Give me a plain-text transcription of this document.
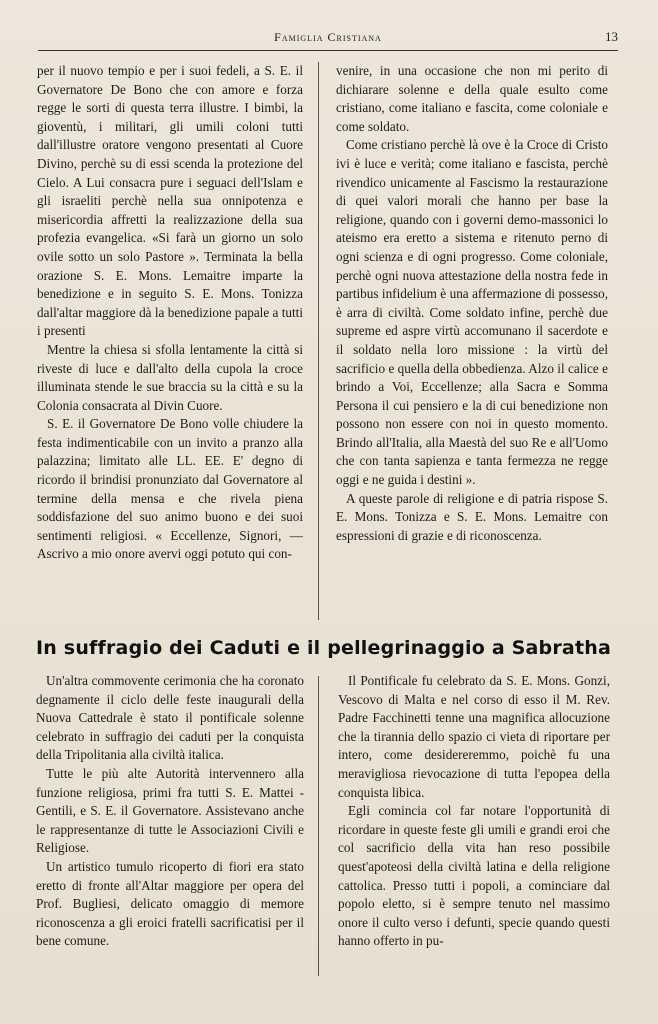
Famiglia Cristiana	13

per il nuovo tempio e per i suoi fedeli, a S. E. il Governatore De Bono che con amore e forza regge le sorti di questa terra illustre. I bimbi, la gioventù, i militari, gli umili coloni tutti dall'illustre oratore vengono presentati al Cuore Divino, perchè su di essi scenda la protezione del Cielo. A Lui consacra pure i seguaci dell'Islam e gli israeliti perchè nella sua onnipotenza e misericordia affretti la realizzazione della sua profezia evangelica. «Si farà un giorno un solo ovile sotto un solo Pastore ». Terminata la bella orazione S. E. Mons. Lemaitre imparte la benedizione e in seguito S. E. Mons. Tonizza dall'altar maggiore dà la benedizione papale a tutti i presenti

Mentre la chiesa si sfolla lentamente la città si riveste di luce e dall'alto della cupola la croce illuminata stende le sue braccia su la città e su la Colonia consacrata al Divin Cuore.

S. E. il Governatore De Bono volle chiudere la festa indimenticabile con un invito a pranzo alla palazzina; limitato alle LL. EE. E' degno di ricordo il brindisi pronunziato dal Governatore al termine della mensa e che rivela piena soddisfazione del suo animo buono e dei suoi sentimenti religiosi. « Eccellenze, Signori, — Ascrivo a mio onore avervi oggi potuto qui con-

venire, in una occasione che non mi perito di dichiarare solenne e della quale esulto come cristiano, come italiano e fascita, come coloniale e come soldato.

Come cristiano perchè là ove è la Croce di Cristo ivi è luce e verità; come italiano e fascista, perchè rivendico unicamente al Fascismo la restaurazione di quei valori morali che hanno per base la religione, quando con i governi demo-massonici lo ateismo era eretto a sistema e ritenuto perno di ogni scienza e di ogni progresso. Come coloniale, perchè ogni nuova attestazione della nostra fede in partibus infidelium è una affermazione di possesso, è arra di civiltà. Come soldato infine, perchè due supreme ed aspre virtù accomunano il sacerdote e il soldato nella loro missione : la virtù del sacrificio e quella della obbedienza. Alzo il calice e brindo a Voi, Eccellenze; alla Sacra e Somma Persona il cui pensiero e la di cui benedizione non possono non essere con noi in questo momento. Brindo all'Italia, alla Maestà del suo Re e all'Uomo che con tanta sapienza e tanta fermezza ne regge oggi e ne guida i destini ».

A queste parole di religione e di patria rispose S. E. Mons. Tonizza e S. E. Mons. Lemaitre con espressioni di grazie e di riconoscenza.

In suffragio dei Caduti e il pellegrinaggio a Sabratha

Un'altra commovente cerimonia che ha coronato degnamente il ciclo delle feste inaugurali della Nuova Cattedrale è stato il pontificale solenne celebrato in suffragio dei caduti per la conquista della Tripolitania alla civiltà italica.

Tutte le più alte Autorità intervennero alla funzione religiosa, primi fra tutti S. E. Mattei - Gentili, e S. E. il Governatore. Assistevano anche le rappresentanze di tutte le Associazioni Civili e Religiose.

Un artistico tumulo ricoperto di fiori era stato eretto di fronte all'Altar maggiore per opera del Prof. Bugliesi, delicato omaggio di memore riconoscenza a gli eroici fratelli sacrificatisi per il bene comune.

Il Pontificale fu celebrato da S. E. Mons. Gonzi, Vescovo di Malta e nel corso di esso il M. Rev. Padre Facchinetti tenne una magnifica allocuzione che la tirannia dello spazio ci vieta di riportare per intero, come desidereremmo, poichè fu una meravigliosa rievocazione di tutta l'epopea della conquista libica.

Egli comincia col far notare l'opportunità di ricordare in queste feste gli umili e grandi eroi che col sacrificio della vita han reso possibile quest'apoteosi della civiltà latina e della religione cattolica. Presso tutti i popoli, a cominciare dal popolo eletto, si è sempre tenuto nel massimo onore il culto verso i defunti, specie quando questi hanno offerto in pu-
